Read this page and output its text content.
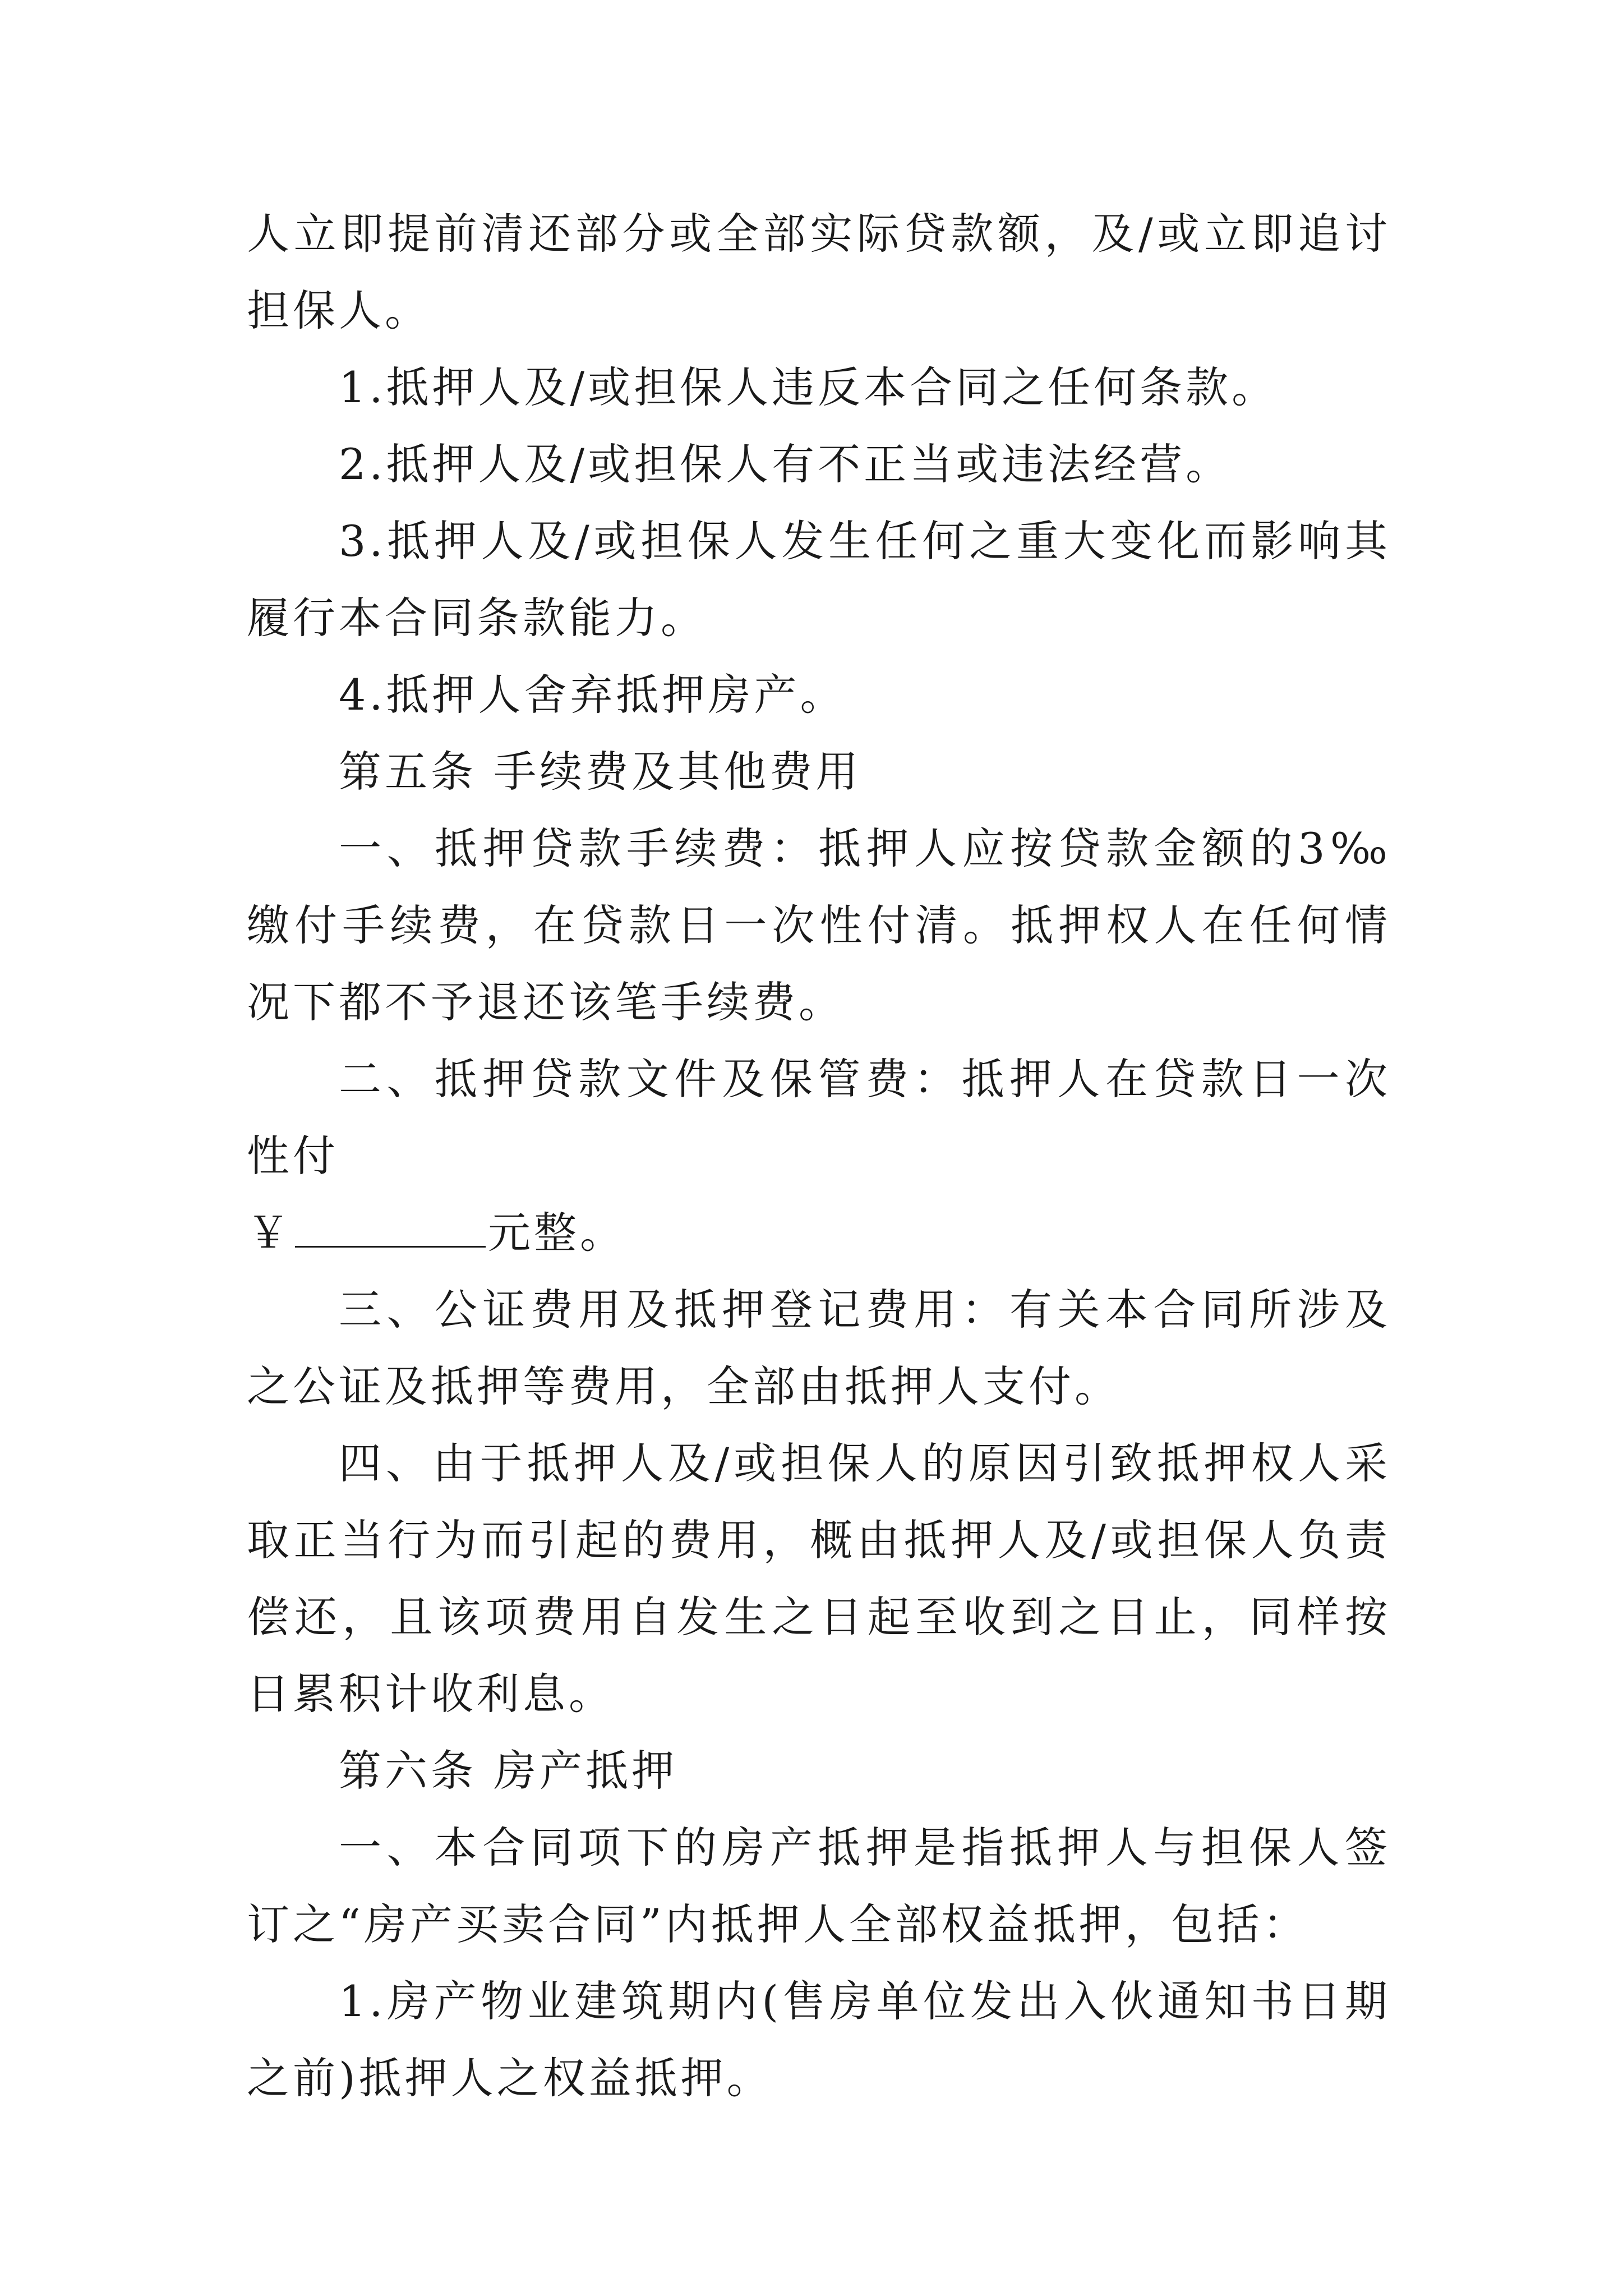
人立即提前清还部分或全部实际贷款额，及/或立即追讨担保人。

1.抵押人及/或担保人违反本合同之任何条款。

2.抵押人及/或担保人有不正当或违法经营。

3.抵押人及/或担保人发生任何之重大变化而影响其履行本合同条款能力。

4.抵押人舍弃抵押房产。

第五条 手续费及其他费用

一、抵押贷款手续费：抵押人应按贷款金额的3‰缴付手续费，在贷款日一次性付清。抵押权人在任何情况下都不予退还该笔手续费。

二、抵押贷款文件及保管费：抵押人在贷款日一次性付

￥	元整。

三、公证费用及抵押登记费用：有关本合同所涉及之公证及抵押等费用，全部由抵押人支付。

四、由于抵押人及/或担保人的原因引致抵押权人采取正当行为而引起的费用，概由抵押人及/或担保人负责偿还，且该项费用自发生之日起至收到之日止，同样按日累积计收利息。

第六条 房产抵押

一、本合同项下的房产抵押是指抵押人与担保人签订之“房产买卖合同”内抵押人全部权益抵押，包括：

1.房产物业建筑期内(售房单位发出入伙通知书日期之前)抵押人之权益抵押。
